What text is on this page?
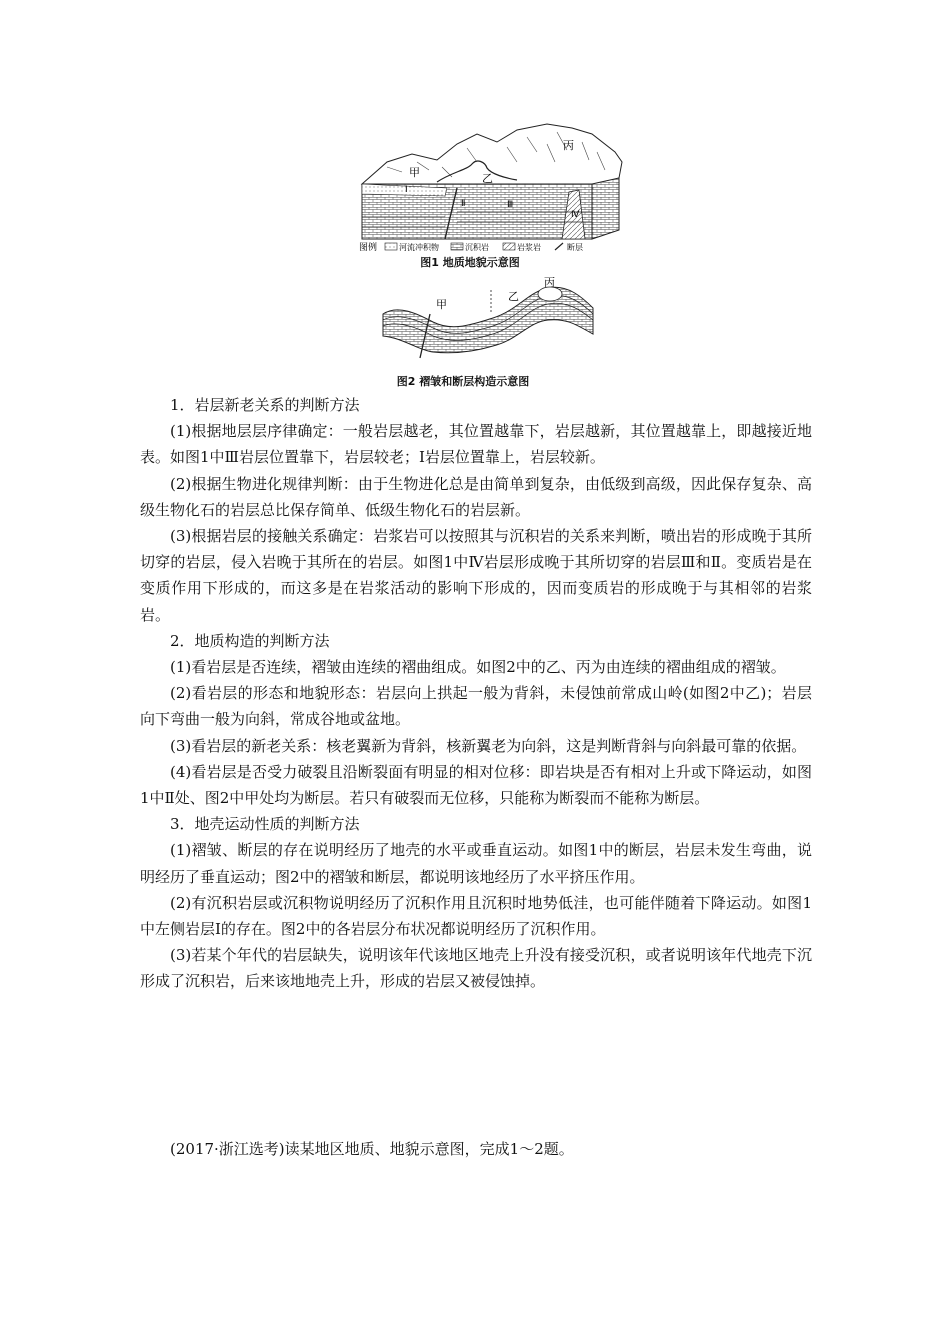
甲	乙
丙
Ⅰ
Ⅱ	Ⅲ
Ⅳ
图例	河流冲积物	沉积岩	岩浆岩	断层
图1 地质地貌示意图
甲
乙
丙
图2 褶皱和断层构造示意图

1．岩层新老关系的判断方法

(1)根据地层层序律确定：一般岩层越老，其位置越靠下，岩层越新，其位置越靠上，即越接近地表。如图1中Ⅲ岩层位置靠下，岩层较老；Ⅰ岩层位置靠上，岩层较新。

(2)根据生物进化规律判断：由于生物进化总是由简单到复杂，由低级到高级，因此保存复杂、高级生物化石的岩层总比保存简单、低级生物化石的岩层新。

(3)根据岩层的接触关系确定：岩浆岩可以按照其与沉积岩的关系来判断，喷出岩的形成晚于其所切穿的岩层，侵入岩晚于其所在的岩层。如图1中Ⅳ岩层形成晚于其所切穿的岩层Ⅲ和Ⅱ。变质岩是在变质作用下形成的，而这多是在岩浆活动的影响下形成的，因而变质岩的形成晚于与其相邻的岩浆岩。

2．地质构造的判断方法

(1)看岩层是否连续，褶皱由连续的褶曲组成。如图2中的乙、丙为由连续的褶曲组成的褶皱。

(2)看岩层的形态和地貌形态：岩层向上拱起一般为背斜，未侵蚀前常成山岭(如图2中乙)；岩层向下弯曲一般为向斜，常成谷地或盆地。

(3)看岩层的新老关系：核老翼新为背斜，核新翼老为向斜，这是判断背斜与向斜最可靠的依据。

(4)看岩层是否受力破裂且沿断裂面有明显的相对位移：即岩块是否有相对上升或下降运动，如图1中Ⅱ处、图2中甲处均为断层。若只有破裂而无位移，只能称为断裂而不能称为断层。

3．地壳运动性质的判断方法

(1)褶皱、断层的存在说明经历了地壳的水平或垂直运动。如图1中的断层，岩层未发生弯曲，说明经历了垂直运动；图2中的褶皱和断层，都说明该地经历了水平挤压作用。

(2)有沉积岩层或沉积物说明经历了沉积作用且沉积时地势低洼，也可能伴随着下降运动。如图1中左侧岩层Ⅰ的存在。图2中的各岩层分布状况都说明经历了沉积作用。

(3)若某个年代的岩层缺失，说明该年代该地区地壳上升没有接受沉积，或者说明该年代地壳下沉形成了沉积岩，后来该地地壳上升，形成的岩层又被侵蚀掉。

(2017·浙江选考)读某地区地质、地貌示意图，完成1～2题。
